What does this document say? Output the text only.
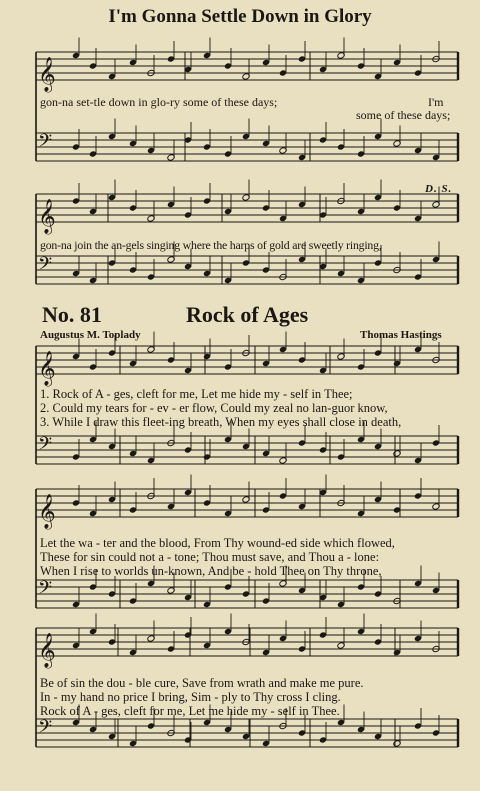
I'm Gonna Settle Down in Glory
𝄞
𝄢
𝄞
𝄢
𝄞
𝄢
𝄞
𝄢
𝄞
𝄢
gon-na set-tle down in glo-ry some of these days;	I'm
some of these days;
D. S.
gon-na join the an-gels singing where the harps of gold are sweetly ringing,
No. 81	Rock of Ages
Augustus M. Toplady	Thomas Hastings
1. Rock of A - ges, cleft for me, Let me hide my - self in Thee;
2. Could my tears for - ev - er flow, Could my zeal no lan-guor know,
3. While I draw this fleet-ing breath, When my eyes shall close in death,
Let the wa - ter and the blood, From Thy wound-ed side which flowed,
These for sin could not a - tone; Thou must save, and Thou a - lone:
When I rise to worlds un-known, And be - hold Thee on Thy throne,
Be of sin the dou - ble cure, Save from wrath and make me pure.
In - my hand no price I bring, Sim - ply to Thy cross I cling.
Rock of A - ges, cleft for me, Let me hide my - self in Thee.
